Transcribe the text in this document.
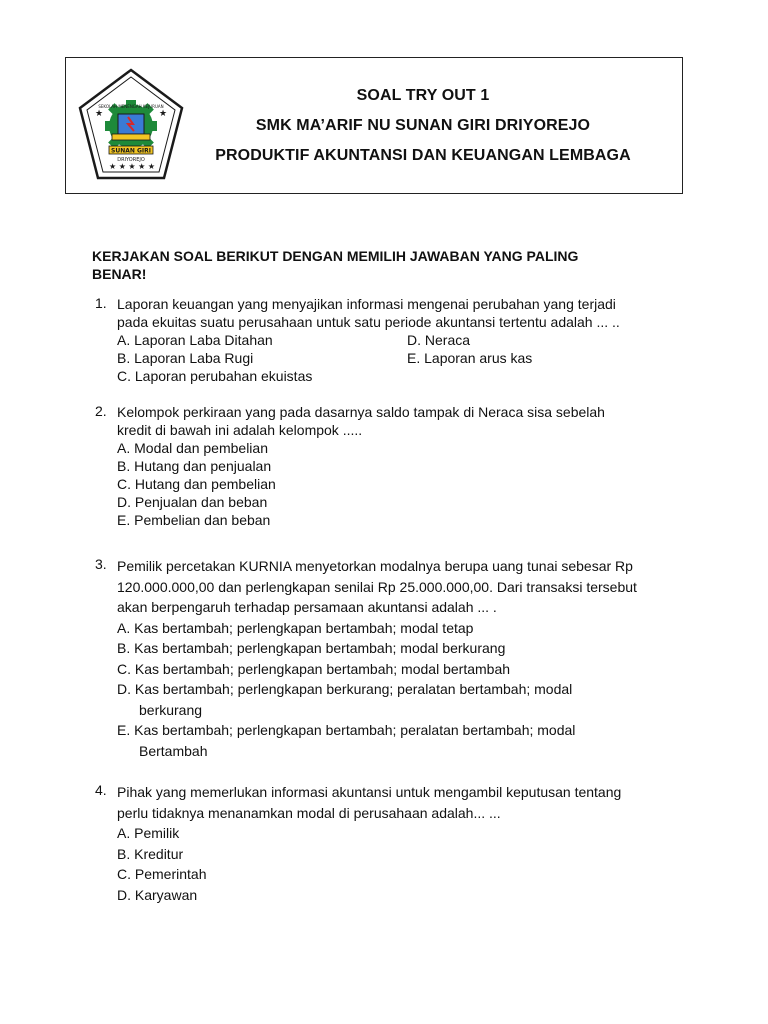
★	★
★ ★ ★ ★ ★
SEKOLAH MENENGAH KEJURUAN
SUNAN GIRI
DRIYOREJO
SOAL TRY OUT 1
SMK MA’ARIF NU SUNAN GIRI DRIYOREJO
PRODUKTIF AKUNTANSI DAN KEUANGAN LEMBAGA
KERJAKAN SOAL BERIKUT DENGAN MEMILIH JAWABAN YANG PALING
BENAR!
1. Laporan keuangan yang menyajikan informasi mengenai perubahan yang terjadi
pada ekuitas suatu perusahaan untuk satu periode akuntansi tertentu adalah ... ..
A. Laporan Laba Ditahan
B. Laporan Laba Rugi
C. Laporan perubahan ekuistas
D. Neraca
E. Laporan arus kas
2. Kelompok perkiraan yang pada dasarnya saldo tampak di Neraca sisa sebelah
kredit di bawah ini adalah kelompok .....
A. Modal dan pembelian
B. Hutang dan penjualan
C. Hutang dan pembelian
D. Penjualan dan beban
E. Pembelian dan beban
3. Pemilik percetakan KURNIA menyetorkan modalnya berupa uang tunai sebesar Rp
120.000.000,00 dan perlengkapan senilai Rp 25.000.000,00. Dari transaksi tersebut
akan berpengaruh terhadap persamaan akuntansi adalah ... .
A. Kas bertambah; perlengkapan bertambah; modal tetap
B. Kas bertambah; perlengkapan bertambah; modal berkurang
C. Kas bertambah; perlengkapan bertambah; modal bertambah
D. Kas bertambah; perlengkapan berkurang; peralatan bertambah; modal
berkurang
E. Kas bertambah; perlengkapan bertambah; peralatan bertambah; modal
Bertambah
4. Pihak yang memerlukan informasi akuntansi untuk mengambil keputusan tentang
perlu tidaknya menanamkan modal di perusahaan adalah... ...
A. Pemilik
B. Kreditur
C. Pemerintah
D. Karyawan
